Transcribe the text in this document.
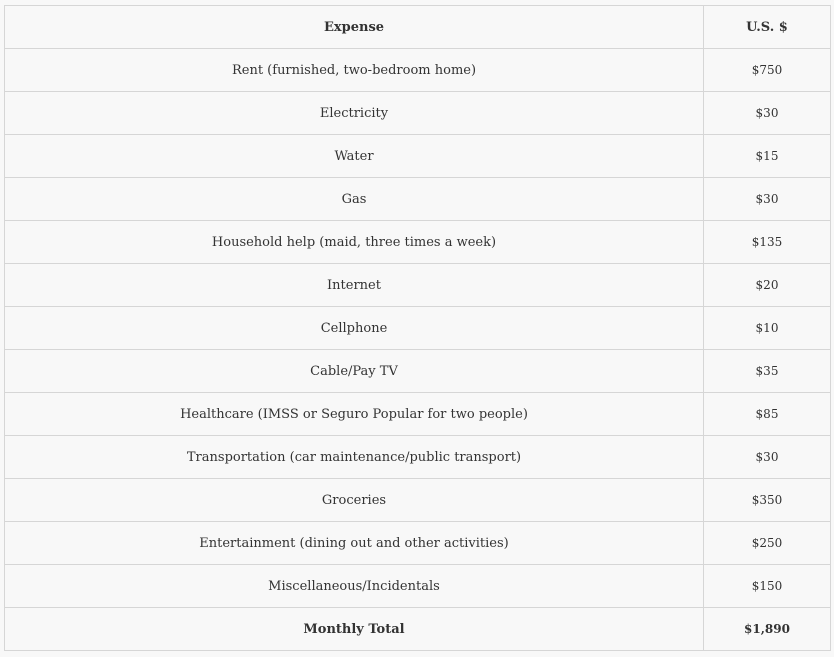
Expense	U.S. $
Rent (furnished, two-bedroom home)	$750
Electricity	$30
Water	$15
Gas	$30
Household help (maid, three times a week)	$135
Internet	$20
Cellphone	$10
Cable/Pay TV	$35
Healthcare (IMSS or Seguro Popular for two people)	$85
Transportation (car maintenance/public transport)	$30
Groceries	$350
Entertainment (dining out and other activities)	$250
Miscellaneous/Incidentals	$150
Monthly Total	$1,890
